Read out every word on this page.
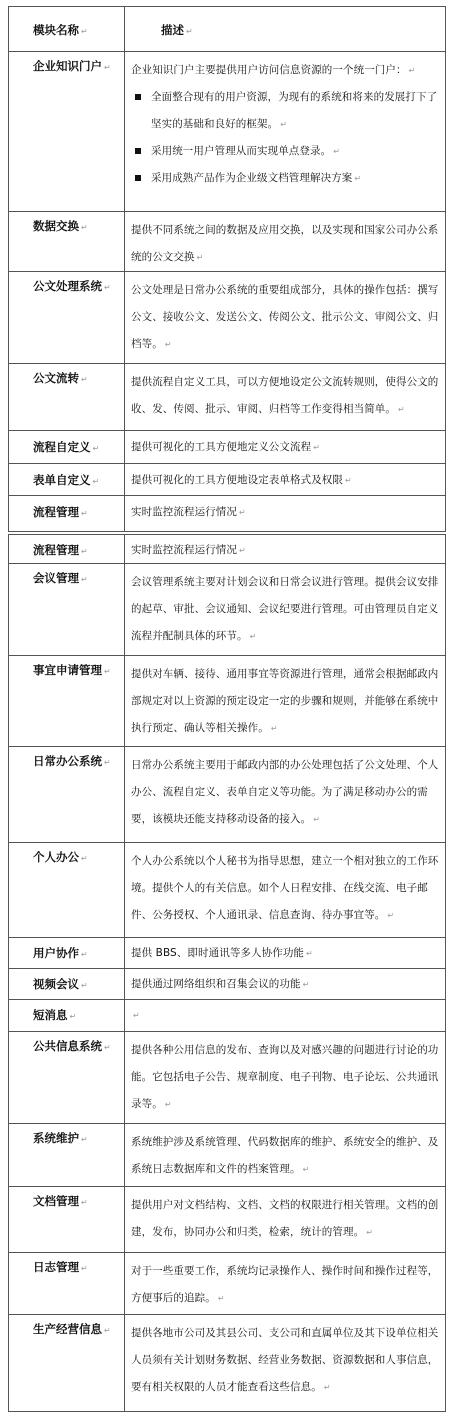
模块名称 ↵	描述 ↵
企业知识门户 ↵ 企业知识门户主要提供用户访问信息资源的一个统一门户： ↵
全面整合现有的用户资源，为现有的系统和将来的发展打下了坚实的基础和良好的框架。 ↵
采用统一用户管理从而实现单点登录。 ↵
采用成熟产品作为企业级文档管理解决方案 ↵
数据交换 ↵	提供不同系统之间的数据及应用交换，以及实现和国家公司办公系统的公文交换 ↵
公文处理系统 ↵ 公文处理是日常办公系统的重要组成部分，具体的操作包括：撰写公文、接收公文、发送公文、传阅公文、批示公文、审阅公文、归档等。 ↵
公文流转 ↵	提供流程自定义工具，可以方便地设定公文流转规则，使得公文的收、发、传阅、批示、审阅、归档等工作变得相当简单。 ↵
流程自定义 ↵	提供可视化的工具方便地定义公文流程 ↵
表单自定义 ↵	提供可视化的工具方便地设定表单格式及权限 ↵
流程管理 ↵	实时监控流程运行情况 ↵
流程管理 ↵	实时监控流程运行情况 ↵
会议管理 ↵	会议管理系统主要对计划会议和日常会议进行管理。提供会议安排的起草、审批、会议通知、会议纪要进行管理。可由管理员自定义流程并配制具体的环节。 ↵
事宜申请管理 ↵ 提供对车辆、接待、通用事宜等资源进行管理，通常会根据邮政内部规定对以上资源的预定设定一定的步骤和规则，并能够在系统中执行预定、确认等相关操作。 ↵
日常办公系统 ↵ 日常办公系统主要用于邮政内部的办公处理包括了公文处理、个人办公、流程自定义、表单自定义等功能。为了满足移动办公的需要，该模块还能支持移动设备的接入。 ↵
个人办公 ↵	个人办公系统以个人秘书为指导思想，建立一个相对独立的工作环境。提供个人的有关信息。如个人日程安排、在线交流、电子邮件、公务授权、个人通讯录、信息查询、待办事宜等。 ↵
用户协作 ↵	提供 BBS、即时通讯等多人协作功能 ↵
视频会议 ↵	提供通过网络组织和召集会议的功能 ↵
短消息 ↵	↵
公共信息系统 ↵ 提供各种公用信息的发布、查询以及对感兴趣的问题进行讨论的功能。它包括电子公告、规章制度、电子刊物、电子论坛、公共通讯录等。 ↵
系统维护 ↵	系统维护涉及系统管理、代码数据库的维护、系统安全的维护、及系统日志数据库和文件的档案管理。 ↵
文档管理 ↵	提供用户对文档结构、文档、文档的权限进行相关管理。文档的创建，发布，协同办公和归类，检索，统计的管理。 ↵
日志管理 ↵	对于一些重要工作，系统均记录操作人、操作时间和操作过程等，方便事后的追踪。 ↵
生产经营信息 ↵ 提供各地市公司及其县公司、支公司和直属单位及其下设单位相关人员须有关计划财务数据、经营业务数据、资源数据和人事信息，要有相关权限的人员才能查看这些信息。 ↵
